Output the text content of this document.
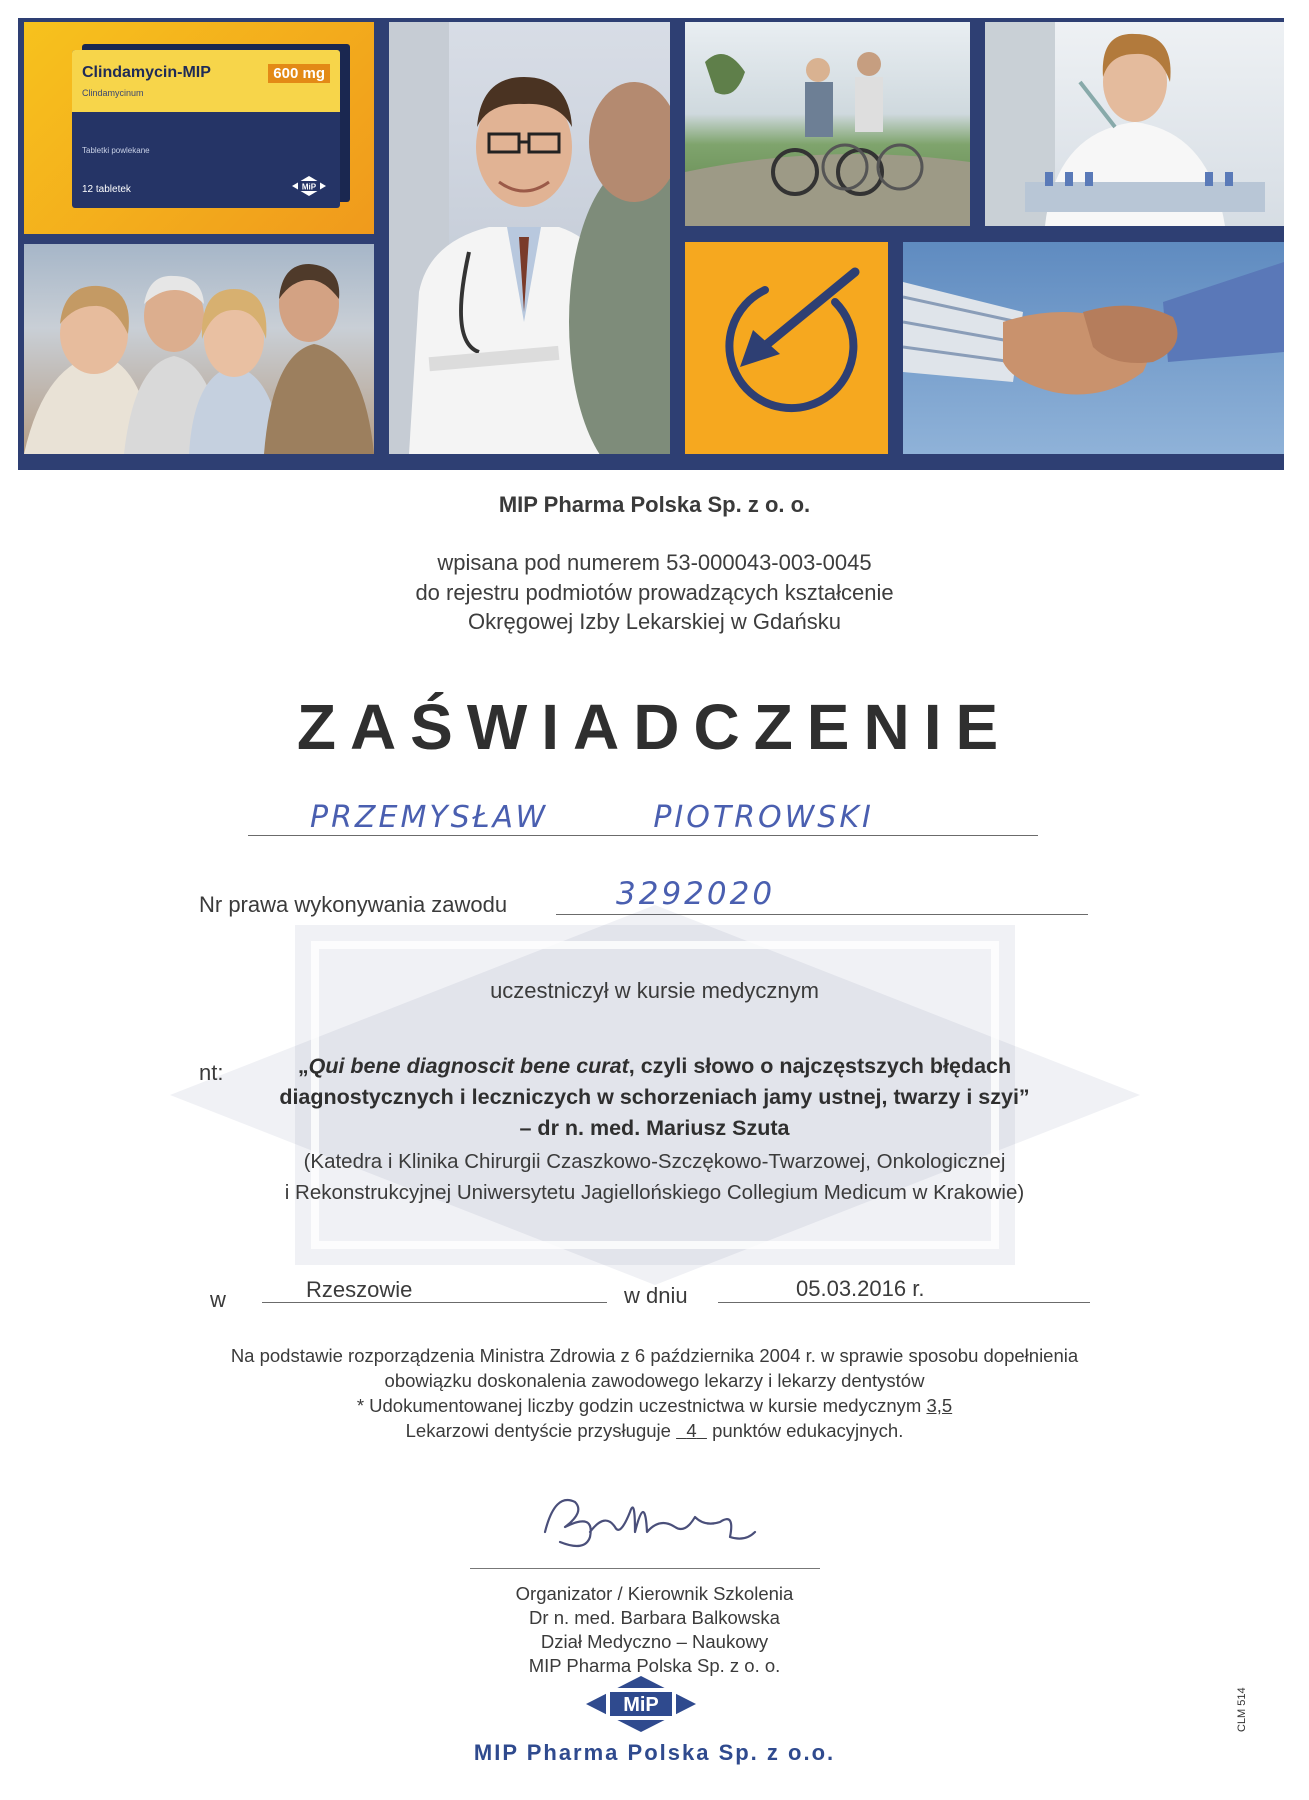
Clindamycin-MIP	600 mg
Clindamycinum
Tabletki powlekane
12 tabletek	MiP
MIP Pharma Polska Sp. z o. o.
wpisana pod numerem 53-000043-003-0045
do rejestru podmiotów prowadzących kształcenie
Okręgowej Izby Lekarskiej w Gdańsku
ZAŚWIADCZENIE
PRZEMYSŁAW	PIOTROWSKI
Nr prawa wykonywania zawodu	3292020
uczestniczył w kursie medycznym
nt:	„Qui bene diagnoscit bene curat, czyli słowo o najczęstszych błędach
diagnostycznych i leczniczych w schorzeniach jamy ustnej, twarzy i szyi”
– dr n. med. Mariusz Szuta
(Katedra i Klinika Chirurgii Czaszkowo-Szczękowo-Twarzowej, Onkologicznej
i Rekonstrukcyjnej Uniwersytetu Jagiellońskiego Collegium Medicum w Krakowie)
w	Rzeszowie	w dniu	05.03.2016 r.
Na podstawie rozporządzenia Ministra Zdrowia z 6 października 2004 r. w sprawie sposobu dopełnienia
obowiązku doskonalenia zawodowego lekarzy i lekarzy dentystów
* Udokumentowanej liczby godzin uczestnictwa w kursie medycznym 3,5
Lekarzowi dentyście przysługuje 4 punktów edukacyjnych.
Organizator / Kierownik Szkolenia
Dr n. med. Barbara Balkowska
Dział Medyczno – Naukowy
MIP Pharma Polska Sp. z o. o.
MiP
MIP Pharma Polska Sp. z o.o.
CLM 514
